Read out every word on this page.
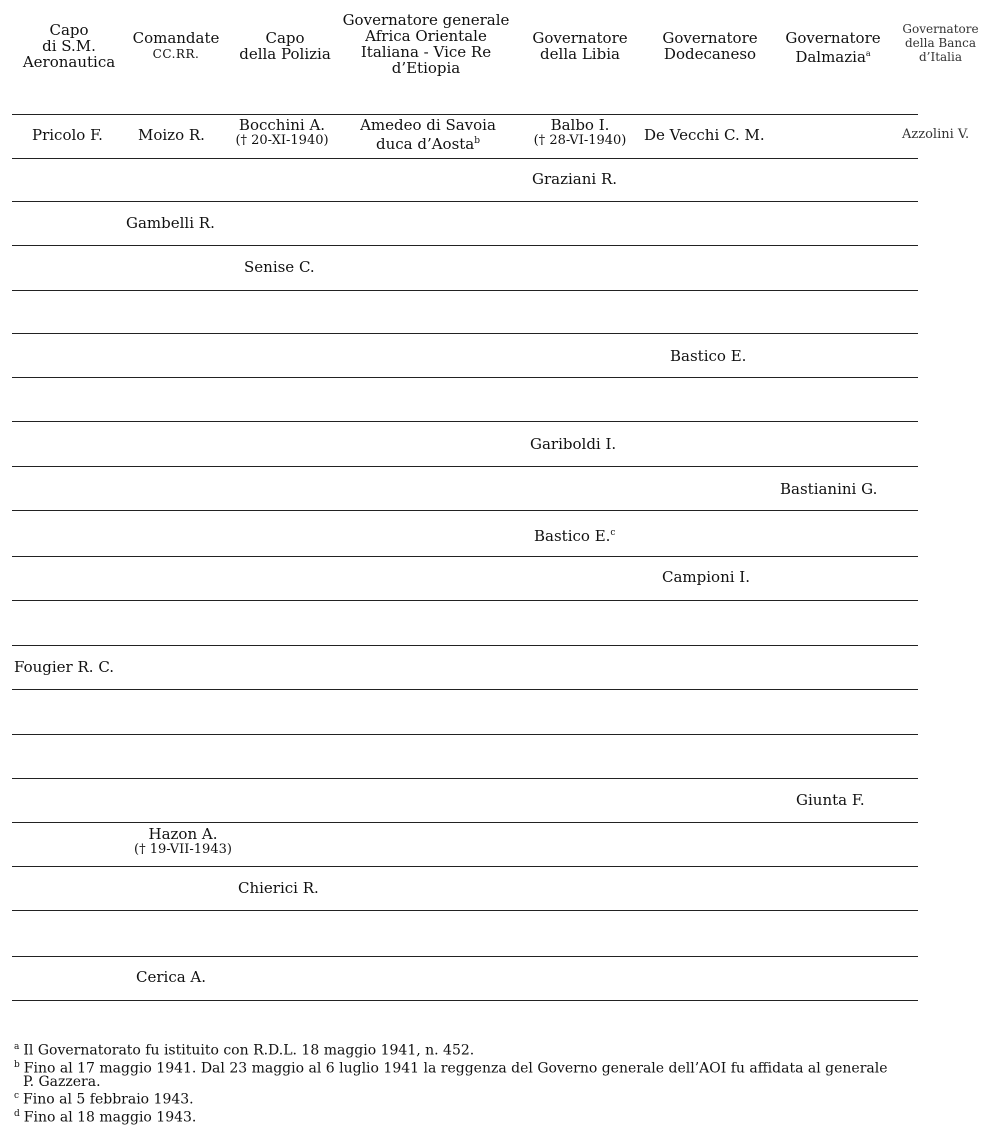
Capo
di S.M.
Aeronautica
Comandate
CC.RR.
Capo
della Polizia
Governatore generale
Africa Orientale
Italiana - Vice Re
d’Etiopia
Governatore
della Libia
Governatore
Dodecaneso
Governatore
Dalmazia$^a$
Governatore
della Banca
d’Italia
Pricolo F. Moizo R.
Bocchini A.
(† 20-XI-1940)
Amedeo di Savoia
duca d’Aosta$^b$
Balbo I.
(† 28-VI-1940)	De Vecchi C. M.	Azzolini V.
Graziani R.
Gambelli R.
Senise C.
Bastico E.
Gariboldi I.
Bastianini G.
Bastico E.$^c$
Campioni I.
Fougier R. C.
Giunta F.
Hazon A.
(† 19-VII-1943)
Chierici R.
Cerica A.
$^a$ Il Governatorato fu istituito con R.D.L. 18 maggio 1941, n. 452.
$^b$ Fino al 17 maggio 1941. Dal 23 maggio al 6 luglio 1941 la reggenza del Governo generale dell’AOI fu affidata al generale
P. Gazzera.
$^c$ Fino al 5 febbraio 1943.
$^d$ Fino al 18 maggio 1943.
